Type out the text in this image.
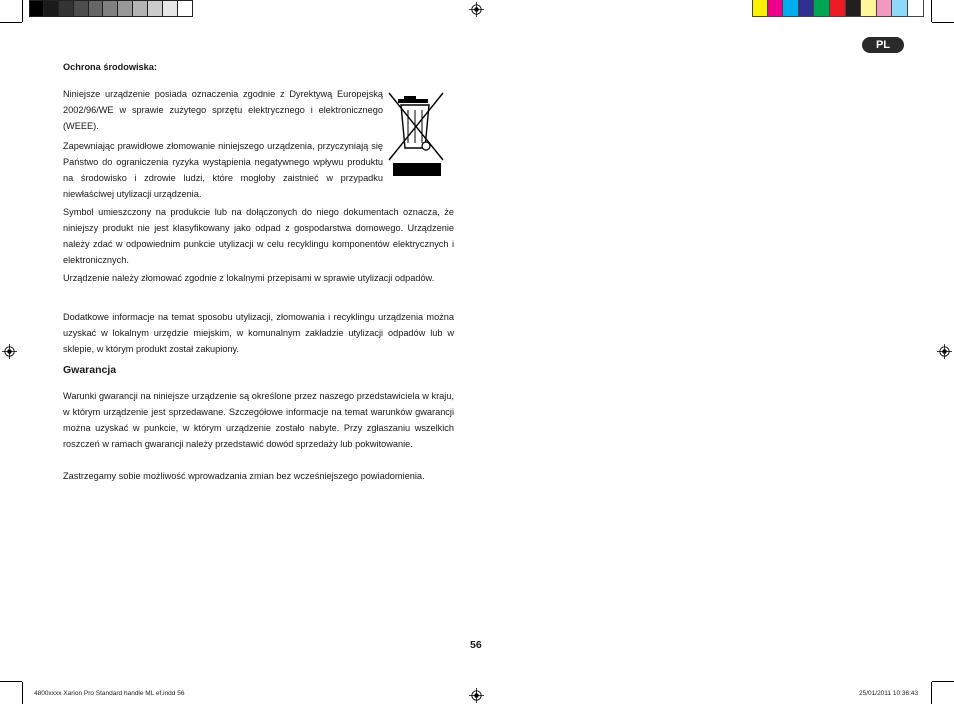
PL
Ochrona środowiska:
Niniejsze urządzenie posiada oznaczenia zgodnie z Dyrektywą Europejską 2002/96/WE w sprawie zużytego sprzętu elektrycznego i elektronicznego (WEEE).
Zapewniając prawidłowe złomowanie niniejszego urządzenia, przyczyniają się Państwo do ograniczenia ryzyka wystąpienia negatywnego wpływu produktu na środowisko i zdrowie ludzi, które mogłoby zaistnieć w przypadku niewłaściwej utylizacji urządzenia.
Symbol umieszczony na produkcie lub na dołączonych do niego dokumentach oznacza, że niniejszy produkt nie jest klasyfikowany jako odpad z gospodarstwa domowego. Urządzenie należy zdać w odpowiednim punkcie utylizacji w celu recyklingu komponentów elektrycznych i elektronicznych.
Urządzenie należy złomować zgodnie z lokalnymi przepisami w sprawie utylizacji odpadów.
Dodatkowe informacje na temat sposobu utylizacji, złomowania i recyklingu urządzenia można uzyskać w lokalnym urzędzie miejskim, w komunalnym zakładzie utylizacji odpadów lub w sklepie, w którym produkt został zakupiony.
Gwarancja
Warunki gwarancji na niniejsze urządzenie są określone przez naszego przedstawiciela w kraju, w którym urządzenie jest sprzedawane. Szczegółowe informacje na temat warunków gwarancji można uzyskać w punkcie, w którym urządzenie zostało nabyte. Przy zgłaszaniu wszelkich roszczeń w ramach gwarancji należy przedstawić dowód sprzedaży lub pokwitowanie.
Zastrzegamy sobie możliwość wprowadzania zmian bez wcześniejszego powiadomienia.
56
4800xxxx Xarion Pro Standard handle ML ef.indd 56	25/01/2011 10:36:43
